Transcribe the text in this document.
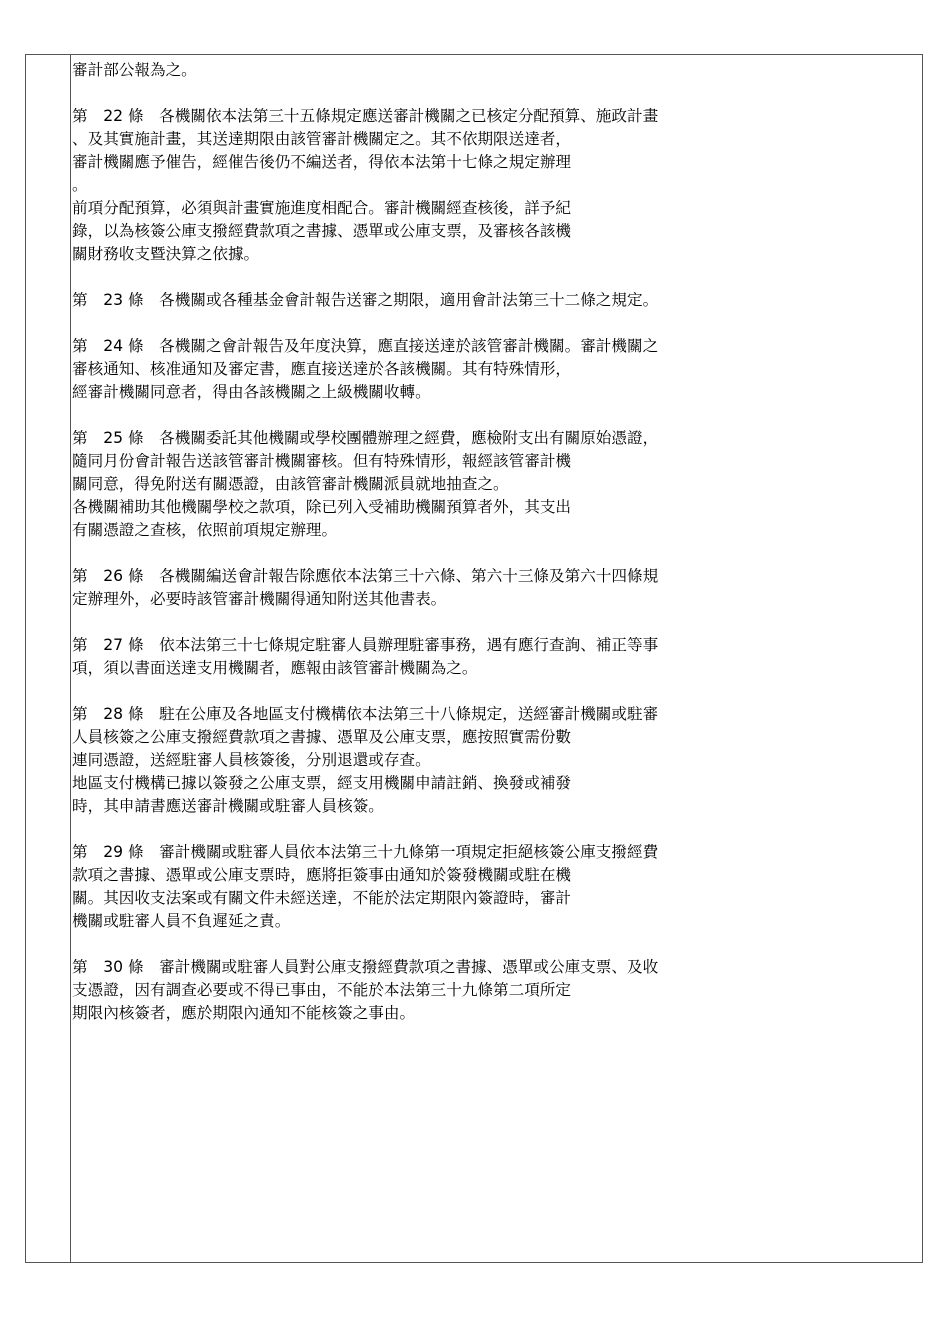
審計部公報為之。
第　22 條　各機關依本法第三十五條規定應送審計機關之已核定分配預算、施政計畫
、及其實施計畫，其送達期限由該管審計機關定之。其不依期限送達者，
審計機關應予催告，經催告後仍不編送者，得依本法第十七條之規定辦理
。
前項分配預算，必須與計畫實施進度相配合。審計機關經查核後，詳予紀
錄，以為核簽公庫支撥經費款項之書據、憑單或公庫支票，及審核各該機
關財務收支暨決算之依據。
第　23 條　各機關或各種基金會計報告送審之期限，適用會計法第三十二條之規定。
第　24 條　各機關之會計報告及年度決算，應直接送達於該管審計機關。審計機關之
審核通知、核准通知及審定書，應直接送達於各該機關。其有特殊情形，
經審計機關同意者，得由各該機關之上級機關收轉。
第　25 條　各機關委託其他機關或學校團體辦理之經費，應檢附支出有關原始憑證，
隨同月份會計報告送該管審計機關審核。但有特殊情形，報經該管審計機
關同意，得免附送有關憑證，由該管審計機關派員就地抽查之。
各機關補助其他機關學校之款項，除已列入受補助機關預算者外，其支出
有關憑證之查核，依照前項規定辦理。
第　26 條　各機關編送會計報告除應依本法第三十六條、第六十三條及第六十四條規
定辦理外，必要時該管審計機關得通知附送其他書表。
第　27 條　依本法第三十七條規定駐審人員辦理駐審事務，遇有應行查詢、補正等事
項，須以書面送達支用機關者，應報由該管審計機關為之。
第　28 條　駐在公庫及各地區支付機構依本法第三十八條規定，送經審計機關或駐審
人員核簽之公庫支撥經費款項之書據、憑單及公庫支票，應按照實需份數
連同憑證，送經駐審人員核簽後，分別退還或存查。
地區支付機構已據以簽發之公庫支票，經支用機關申請註銷、換發或補發
時，其申請書應送審計機關或駐審人員核簽。
第　29 條　審計機關或駐審人員依本法第三十九條第一項規定拒絕核簽公庫支撥經費
款項之書據、憑單或公庫支票時，應將拒簽事由通知於簽發機關或駐在機
關。其因收支法案或有關文件未經送達，不能於法定期限內簽證時，審計
機關或駐審人員不負遲延之責。
第　30 條　審計機關或駐審人員對公庫支撥經費款項之書據、憑單或公庫支票、及收
支憑證，因有調查必要或不得已事由，不能於本法第三十九條第二項所定
期限內核簽者，應於期限內通知不能核簽之事由。
